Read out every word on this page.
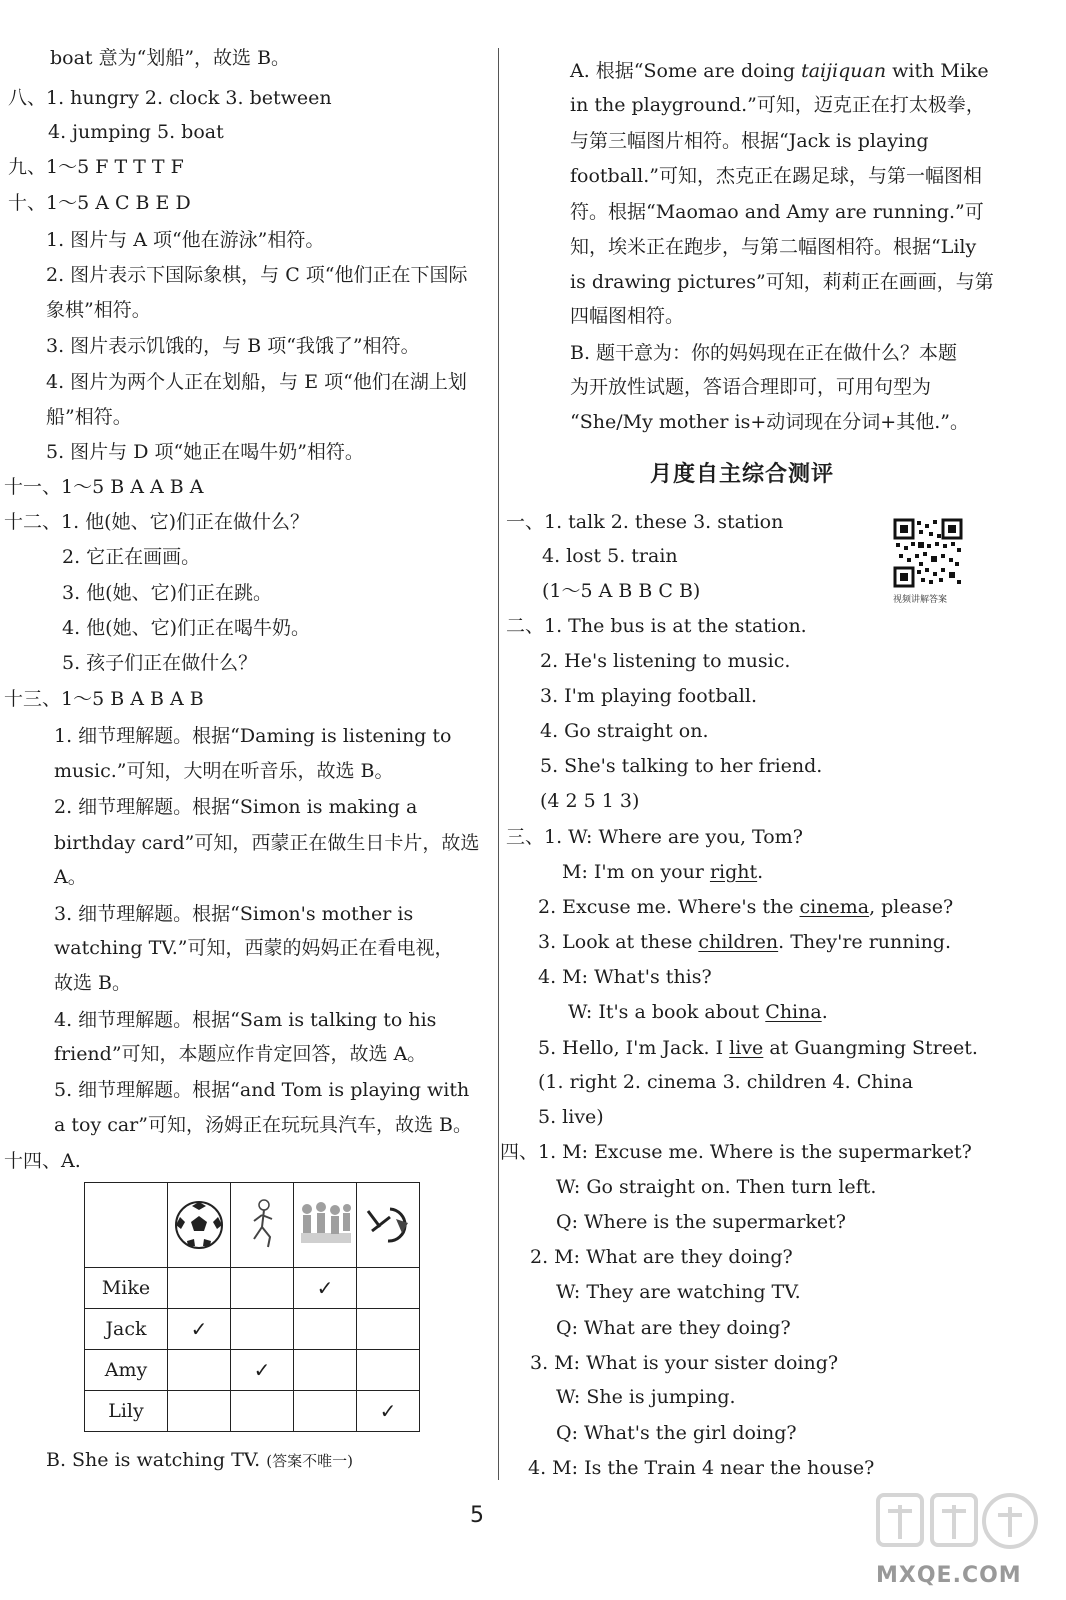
boat 意为“划船”，故选 B。
八、1. hungry 2. clock 3. between
4. jumping 5. boat
九、1～5 F T T T F
十、1～5 A C B E D
1. 图片与 A 项“他在游泳”相符。
2. 图片表示下国际象棋，与 C 项“他们正在下国际
象棋”相符。
3. 图片表示饥饿的，与 B 项“我饿了”相符。
4. 图片为两个人正在划船，与 E 项“他们在湖上划
船”相符。
5. 图片与 D 项“她正在喝牛奶”相符。
十一、1～5 B A A B A
十二、1. 他(她、它)们正在做什么？
2. 它正在画画。
3. 他(她、它)们正在跳。
4. 他(她、它)们正在喝牛奶。
5. 孩子们正在做什么？
十三、1～5 B A B A B
1. 细节理解题。根据“Daming is listening to
music.”可知，大明在听音乐，故选 B。
2. 细节理解题。根据“Simon is making a
birthday card”可知，西蒙正在做生日卡片，故选
A。
3. 细节理解题。根据“Simon's mother is
watching TV.”可知，西蒙的妈妈正在看电视，
故选 B。
4. 细节理解题。根据“Sam is talking to his
friend”可知，本题应作肯定回答，故选 A。
5. 细节理解题。根据“and Tom is playing with
a toy car”可知，汤姆正在玩玩具汽车，故选 B。
十四、A.

Mike			✓	
Jack	✓			
Amy		✓		
Lily				✓
B. She is watching TV. (答案不唯一)
A. 根据“Some are doing taijiquan with Mike
in the playground.”可知，迈克正在打太极拳，
与第三幅图片相符。根据“Jack is playing
football.”可知，杰克正在踢足球，与第一幅图相
符。根据“Maomao and Amy are running.”可
知，埃米正在跑步，与第二幅图相符。根据“Lily
is drawing pictures”可知，莉莉正在画画，与第
四幅图相符。
B. 题干意为：你的妈妈现在正在做什么？本题
为开放性试题，答语合理即可，可用句型为
“She/My mother is+动词现在分词+其他.”。
月度自主综合测评
视频讲解答案
一、1. talk 2. these 3. station
4. lost 5. train
(1～5 A B B C B)
二、1. The bus is at the station.
2. He's listening to music.
3. I'm playing football.
4. Go straight on.
5. She's talking to her friend.
(4 2 5 1 3)
三、1. W: Where are you, Tom?
M: I'm on your right.
2. Excuse me. Where's the cinema, please?
3. Look at these children. They're running.
4. M: What's this?
W: It's a book about China.
5. Hello, I'm Jack. I live at Guangming Street.
(1. right 2. cinema 3. children 4. China
5. live)
四、1. M: Excuse me. Where is the supermarket?
W: Go straight on. Then turn left.
Q: Where is the supermarket?
2. M: What are they doing?
W: They are watching TV.
Q: What are they doing?
3. M: What is your sister doing?
W: She is jumping.
Q: What's the girl doing?
4. M: Is the Train 4 near the house?
5
MXQE.COM
